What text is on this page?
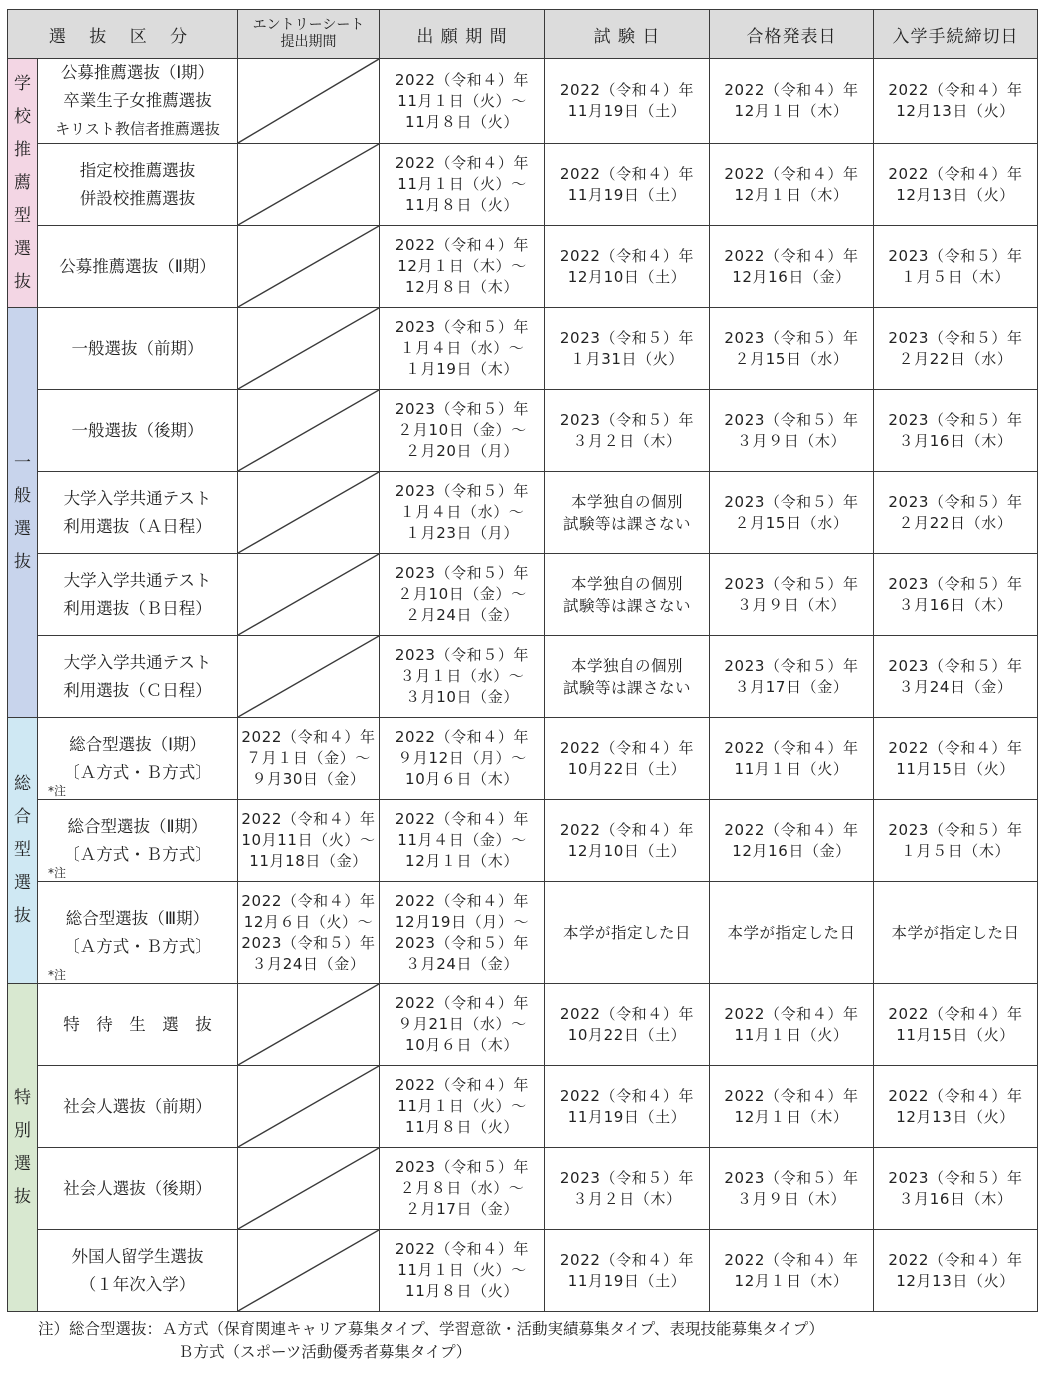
選 抜 区 分		エントリーシート
提出期間	出 願 期 間	試 験 日	合格発表日	入学手続締切日

学校推薦型選抜	公募推薦選抜（Ⅰ期）
卒業生子女推薦選抜
キリスト教信者推薦選抜		2022（令和４）年
11月１日（火）～
11月８日（火）	2022（令和４）年
11月19日（土）	2022（令和４）年
12月１日（木）	2022（令和４）年
12月13日（火）
	指定校推薦選抜
併設校推薦選抜		2022（令和４）年
11月１日（火）～
11月８日（火）	2022（令和４）年
11月19日（土）	2022（令和４）年
12月１日（木）	2022（令和４）年
12月13日（火）
	公募推薦選抜（Ⅱ期）		2022（令和４）年
12月１日（木）～
12月８日（木）	2022（令和４）年
12月10日（土）	2022（令和４）年
12月16日（金）	2023（令和５）年
１月５日（木）

一般選抜	一般選抜（前期）		2023（令和５）年
１月４日（水）～
１月19日（木）	2023（令和５）年
１月31日（火）	2023（令和５）年
２月15日（水）	2023（令和５）年
２月22日（水）
	一般選抜（後期）		2023（令和５）年
２月10日（金）～
２月20日（月）	2023（令和５）年
３月２日（木）	2023（令和５）年
３月９日（木）	2023（令和５）年
３月16日（木）
	大学入学共通テスト
利用選抜（Ａ日程）		2023（令和５）年
１月４日（水）～
１月23日（月）	本学独自の個別
試験等は課さない	2023（令和５）年
２月15日（水）	2023（令和５）年
２月22日（水）
	大学入学共通テスト
利用選抜（Ｂ日程）		2023（令和５）年
２月10日（金）～
２月24日（金）	本学独自の個別
試験等は課さない	2023（令和５）年
３月９日（木）	2023（令和５）年
３月16日（木）
	大学入学共通テスト
利用選抜（Ｃ日程）		2023（令和５）年
３月１日（水）～
３月10日（金）	本学独自の個別
試験等は課さない	2023（令和５）年
３月17日（金）	2023（令和５）年
３月24日（金）

総合型選抜	総合型選抜（Ⅰ期）
〔Ａ方式・Ｂ方式〕
*注	2022（令和４）年
７月１日（金）～
９月30日（金）	2022（令和４）年
９月12日（月）～
10月６日（木）	2022（令和４）年
10月22日（土）	2022（令和４）年
11月１日（火）	2022（令和４）年
11月15日（火）
	総合型選抜（Ⅱ期）
〔Ａ方式・Ｂ方式〕
*注	2022（令和４）年
10月11日（火）～
11月18日（金）	2022（令和４）年
11月４日（金）～
12月１日（木）	2022（令和４）年
12月10日（土）	2022（令和４）年
12月16日（金）	2023（令和５）年
１月５日（木）
	総合型選抜（Ⅲ期）
〔Ａ方式・Ｂ方式〕
*注	2022（令和４）年
12月６日（火）～
2023（令和５）年
３月24日（金）	2022（令和４）年
12月19日（月）～
2023（令和５）年
３月24日（金）	本学が指定した日	本学が指定した日	本学が指定した日

特別選抜	特　待　生　選　抜		2022（令和４）年
９月21日（水）～
10月６日（木）	2022（令和４）年
10月22日（土）	2022（令和４）年
11月１日（火）	2022（令和４）年
11月15日（火）
	社会人選抜（前期）		2022（令和４）年
11月１日（火）～
11月８日（火）	2022（令和４）年
11月19日（土）	2022（令和４）年
12月１日（木）	2022（令和４）年
12月13日（火）
	社会人選抜（後期）		2023（令和５）年
２月８日（水）～
２月17日（金）	2023（令和５）年
３月２日（木）	2023（令和５）年
３月９日（木）	2023（令和５）年
３月16日（木）
	外国人留学生選抜
（１年次入学）		2022（令和４）年
11月１日（火）～
11月８日（火）	2022（令和４）年
11月19日（土）	2022（令和４）年
12月１日（木）	2022（令和４）年
12月13日（火）
注）総合型選抜：Ａ方式（保育関連キャリア募集タイプ、学習意欲・活動実績募集タイプ、表現技能募集タイプ）
Ｂ方式（スポーツ活動優秀者募集タイプ）
